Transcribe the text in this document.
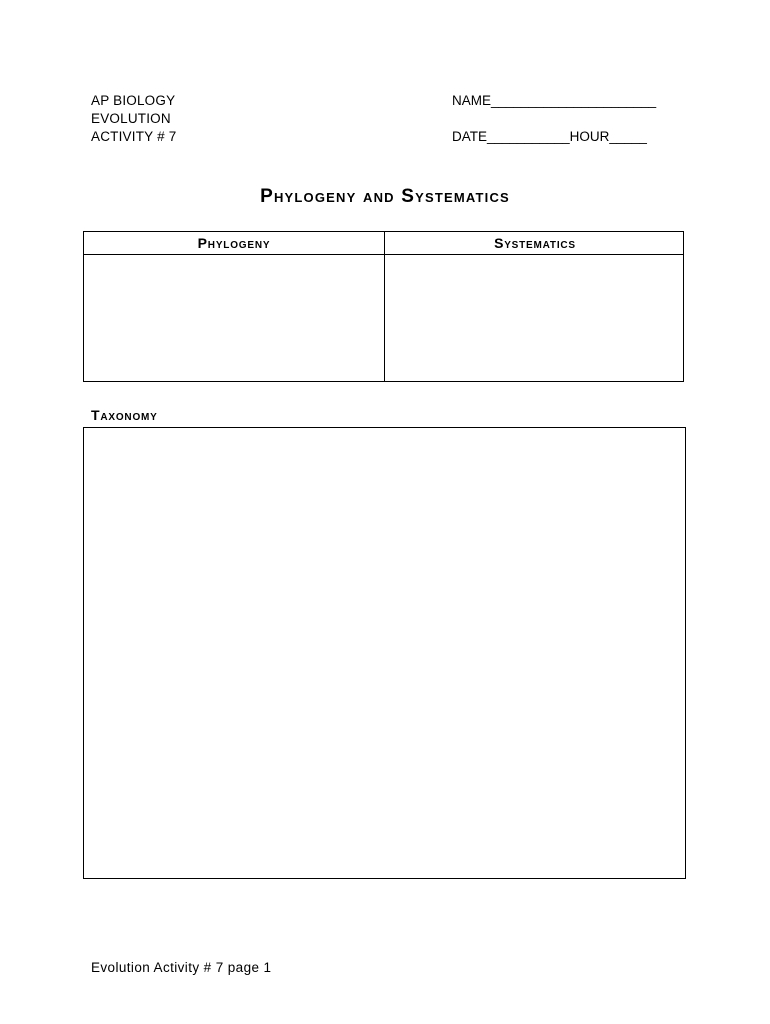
AP BIOLOGY
EVOLUTION
ACTIVITY # 7
NAME______________________
DATE___________HOUR_____
Phylogeny and Systematics
Phylogeny	Systematics
Taxonomy
Evolution Activity # 7 page 1
